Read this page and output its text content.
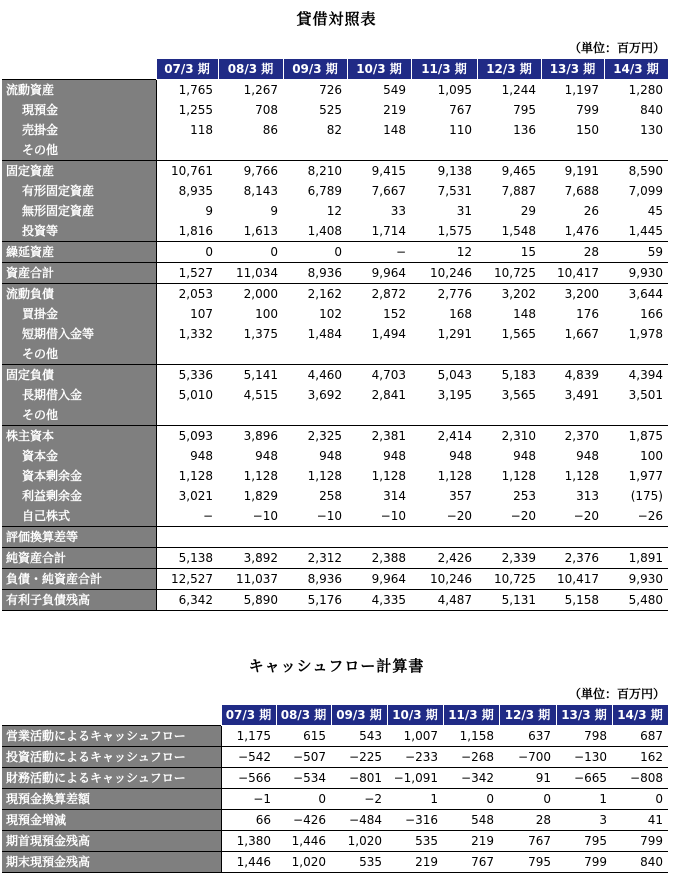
貸借対照表
（単位：百万円）
	07/3 期	08/3 期	09/3 期	10/3 期	11/3 期	12/3 期	13/3 期	14/3 期
流動資産	1,765	1,267	726	549	1,095	1,244	1,197	1,280
現預金	1,255	708	525	219	767	795	799	840
売掛金	118	86	82	148	110	136	150	130
その他								
固定資産	10,761	9,766	8,210	9,415	9,138	9,465	9,191	8,590
有形固定資産	8,935	8,143	6,789	7,667	7,531	7,887	7,688	7,099
無形固定資産	9	9	12	33	31	29	26	45
投資等	1,816	1,613	1,408	1,714	1,575	1,548	1,476	1,445
繰延資産	0	0	0	−	12	15	28	59
資産合計	1,527	11,034	8,936	9,964	10,246	10,725	10,417	9,930
流動負債	2,053	2,000	2,162	2,872	2,776	3,202	3,200	3,644
買掛金	107	100	102	152	168	148	176	166
短期借入金等	1,332	1,375	1,484	1,494	1,291	1,565	1,667	1,978
その他								
固定負債	5,336	5,141	4,460	4,703	5,043	5,183	4,839	4,394
長期借入金	5,010	4,515	3,692	2,841	3,195	3,565	3,491	3,501
その他								
株主資本	5,093	3,896	2,325	2,381	2,414	2,310	2,370	1,875
資本金	948	948	948	948	948	948	948	100
資本剰余金	1,128	1,128	1,128	1,128	1,128	1,128	1,128	1,977
利益剰余金	3,021	1,829	258	314	357	253	313	(175)
自己株式	−	−10	−10	−10	−20	−20	−20	−26
評価換算差等								
純資産合計	5,138	3,892	2,312	2,388	2,426	2,339	2,376	1,891
負債・純資産合計	12,527	11,037	8,936	9,964	10,246	10,725	10,417	9,930
有利子負債残高	6,342	5,890	5,176	4,335	4,487	5,131	5,158	5,480
キャッシュフロー計算書
（単位：百万円）
	07/3 期	08/3 期	09/3 期	10/3 期	11/3 期	12/3 期	13/3 期	14/3 期
営業活動によるキャッシュフロー	1,175	615	543	1,007	1,158	637	798	687
投資活動によるキャッシュフロー	−542	−507	−225	−233	−268	−700	−130	162
財務活動によるキャッシュフロー	−566	−534	−801	−1,091	−342	91	−665	−808
現預金換算差額	−1	0	−2	1	0	0	1	0
現預金増減	66	−426	−484	−316	548	28	3	41
期首現預金残高	1,380	1,446	1,020	535	219	767	795	799
期末現預金残高	1,446	1,020	535	219	767	795	799	840
